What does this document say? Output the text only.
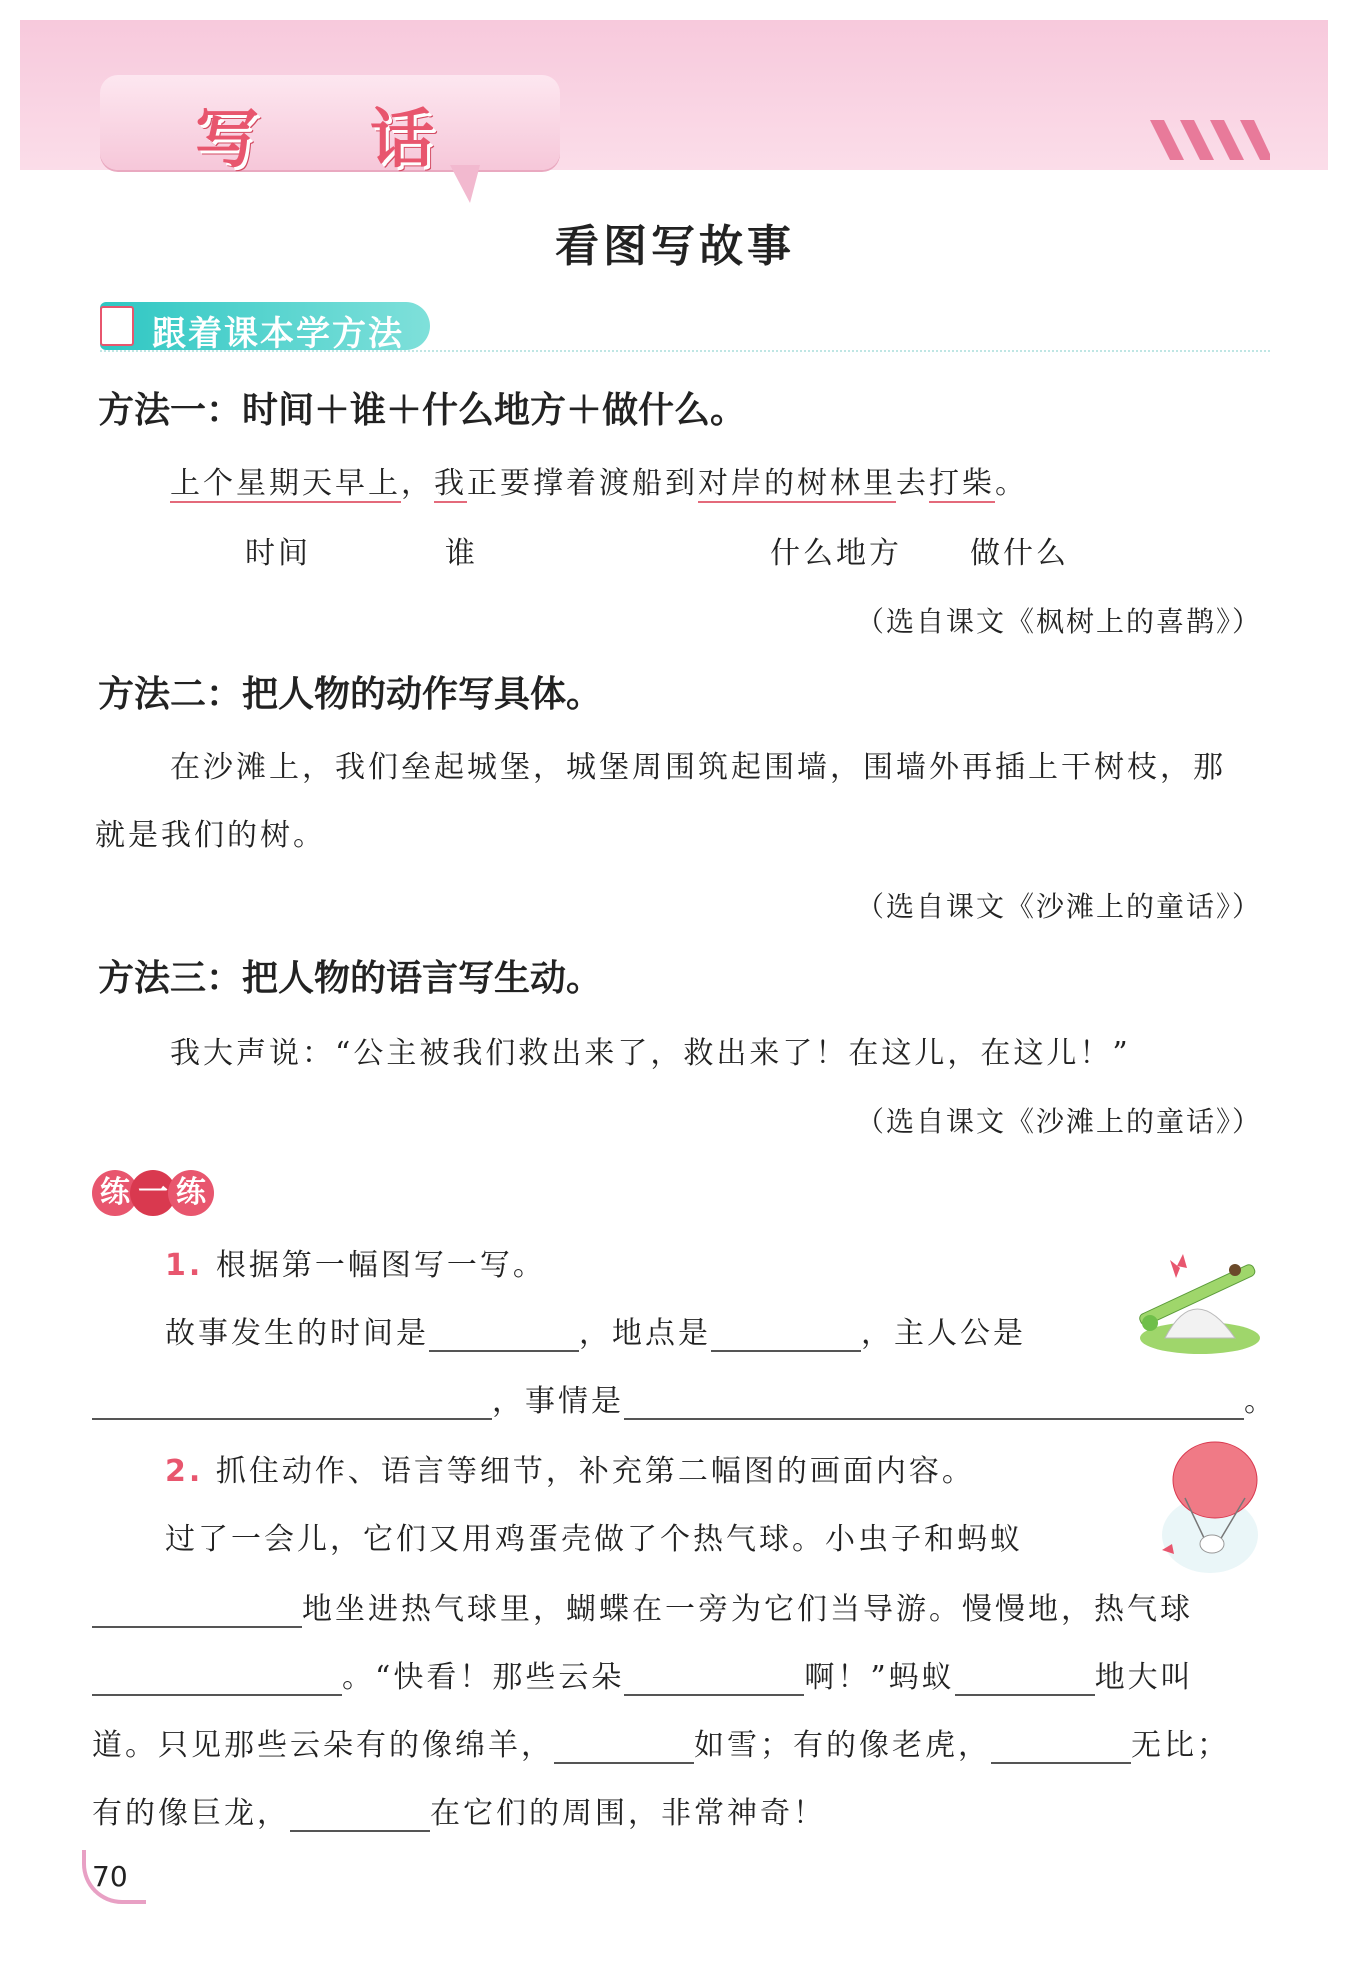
写 话
看图写故事
跟着课本学方法
方法一：时间＋谁＋什么地方＋做什么。
上个星期天早上，我正要撑着渡船到对岸的树林里去打柴。
时间	谁	什么地方 做什么
（选自课文《枫树上的喜鹊》）
方法二：把人物的动作写具体。
在沙滩上，我们垒起城堡，城堡周围筑起围墙，围墙外再插上干树枝，那
就是我们的树。
（选自课文《沙滩上的童话》）
方法三：把人物的语言写生动。
我大声说：“公主被我们救出来了，救出来了！在这儿，在这儿！”
（选自课文《沙滩上的童话》）
练 一 练
1. 根据第一幅图写一写。
故事发生的时间是	，地点是	，主人公是
，事情是	。
2. 抓住动作、语言等细节，补充第二幅图的画面内容。
过了一会儿，它们又用鸡蛋壳做了个热气球。小虫子和蚂蚁
地坐进热气球里，蝴蝶在一旁为它们当导游。慢慢地，热气球
。“快看！那些云朵	啊！”蚂蚁	地大叫
道。只见那些云朵有的像绵羊，	如雪；有的像老虎，	无比；
有的像巨龙，	在它们的周围，非常神奇！
70
